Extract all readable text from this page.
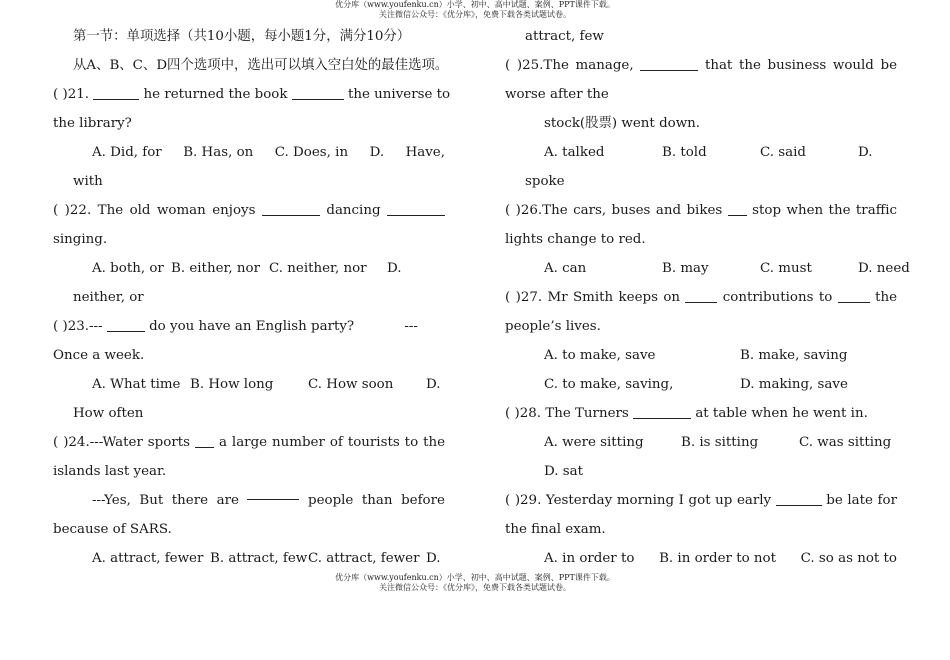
优分库（www.youfenku.cn）小学、初中、高中试题、案例、PPT课件下载。
关注微信公众号：《优分库》，免费下载各类试题试卷。
第一节：单项选择（共10小题，每小题1分，满分10分）
从A、B、C、D四个选项中，选出可以填入空白处的最佳选项。
( )21.	he returned the book	the universe to
the library?
A. Did, for B. Has, on C. Does, in D. Have,
with
( )22. The old woman enjoys	dancing
singing.
A. both, or B. either, nor C. neither, nor	D.
neither, or
( )23.---	do you have an English party?	---
Once a week.
A. What time B. How long	C. How soon	D.
How often
( )24.---Water sports a large number of tourists to the
islands last year.
---Yes, But there are	people than before
because of SARS.
A. attract, fewer B. attract, few C. attract, fewer D.
attract, few
( )25.The manage,	that the business would be
worse after the
stock(股票) went down.
A. talked	B. told	C. said	D.
spoke
( )26.The cars, buses and bikes stop when the traffic
lights change to red.
A. can	B. may	C. must	D. need
( )27. Mr Smith keeps on	contributions to	the
people’s lives.
A. to make, save	B. make, saving
C. to make, saving,	D. making, save
( )28. The Turners	at table when he went in.
A. were sitting	B. is sitting	C. was sitting
D. sat
( )29. Yesterday morning I got up early	be late for
the final exam.
A. in order to B. in order to not C. so as not to
优分库（www.youfenku.cn）小学、初中、高中试题、案例、PPT课件下载。
关注微信公众号：《优分库》，免费下载各类试题试卷。
